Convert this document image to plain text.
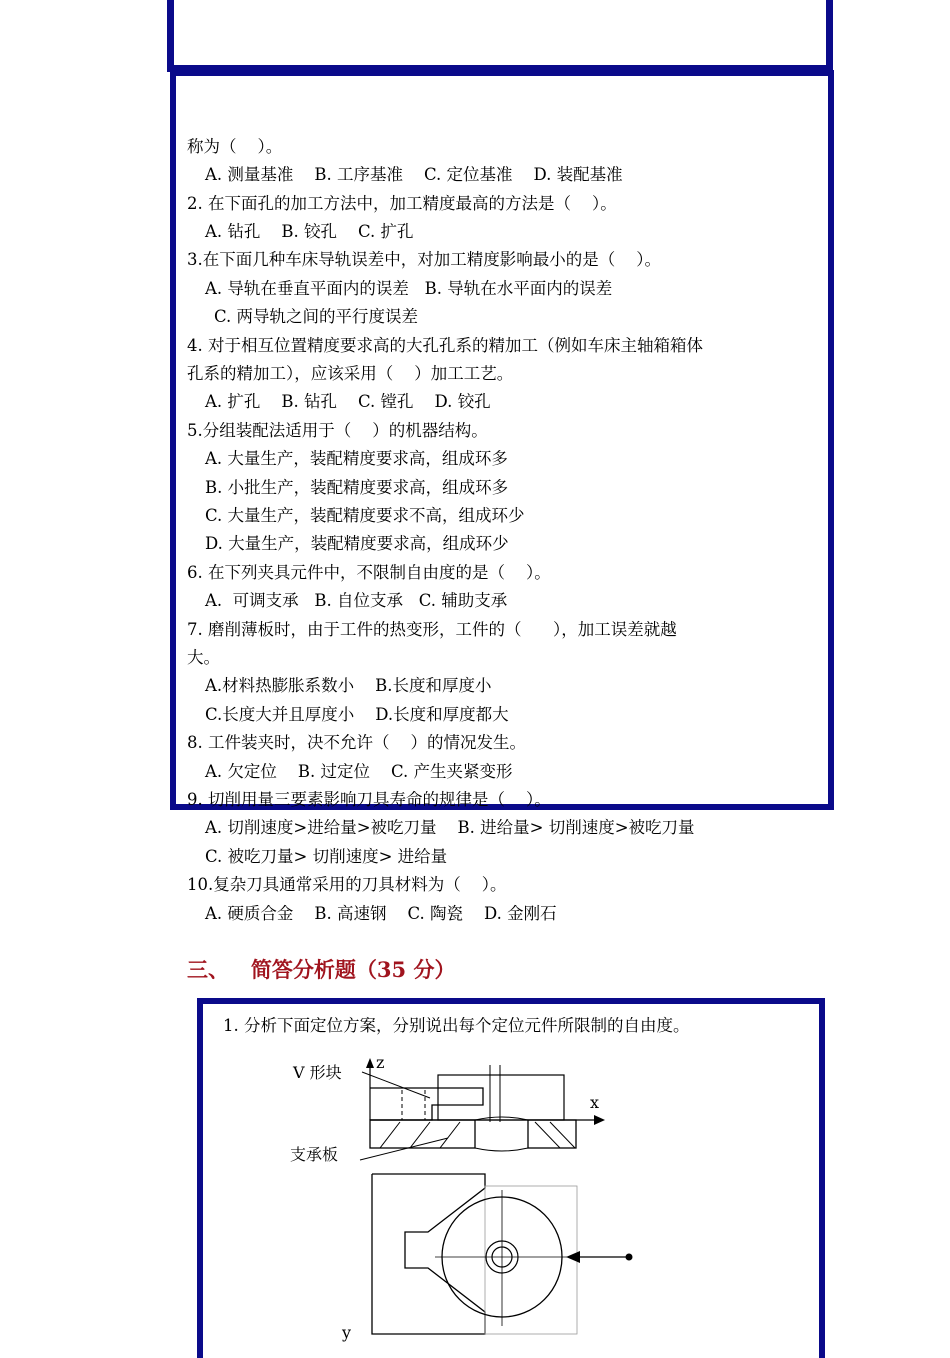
称为（    ）。
A. 测量基准    B. 工序基准    C. 定位基准    D. 装配基准
2. 在下面孔的加工方法中，加工精度最高的方法是（    ）。
A. 钻孔    B. 铰孔    C. 扩孔
3.在下面几种车床导轨误差中，对加工精度影响最小的是（    ）。
A. 导轨在垂直平面内的误差   B. 导轨在水平面内的误差
C. 两导轨之间的平行度误差
4. 对于相互位置精度要求高的大孔孔系的精加工（例如车床主轴箱箱体
孔系的精加工），应该采用（    ）加工工艺。
A. 扩孔    B. 钻孔    C. 镗孔    D. 铰孔
5.分组装配法适用于（    ）的机器结构。
A. 大量生产，装配精度要求高，组成环多
B. 小批生产，装配精度要求高，组成环多
C. 大量生产，装配精度要求不高，组成环少
D. 大量生产，装配精度要求高，组成环少
6. 在下列夹具元件中，不限制自由度的是（    ）。
A.  可调支承   B. 自位支承   C. 辅助支承
7. 磨削薄板时，由于工件的热变形，工件的（      ），加工误差就越
大。
A.材料热膨胀系数小    B.长度和厚度小
C.长度大并且厚度小    D.长度和厚度都大
8. 工件装夹时，决不允许（    ）的情况发生。
A. 欠定位    B. 过定位    C. 产生夹紧变形
9. 切削用量三要素影响刀具寿命的规律是（    ）。
A. 切削速度>进给量>被吃刀量    B. 进给量> 切削速度>被吃刀量
C. 被吃刀量> 切削速度> 进给量
10.复杂刀具通常采用的刀具材料为（    ）。
A. 硬质合金    B. 高速钢    C. 陶瓷    D. 金刚石
三、   简答分析题（35 分）
1. 分析下面定位方案，分别说出每个定位元件所限制的自由度。
V 形块
支承板
z
x
y
